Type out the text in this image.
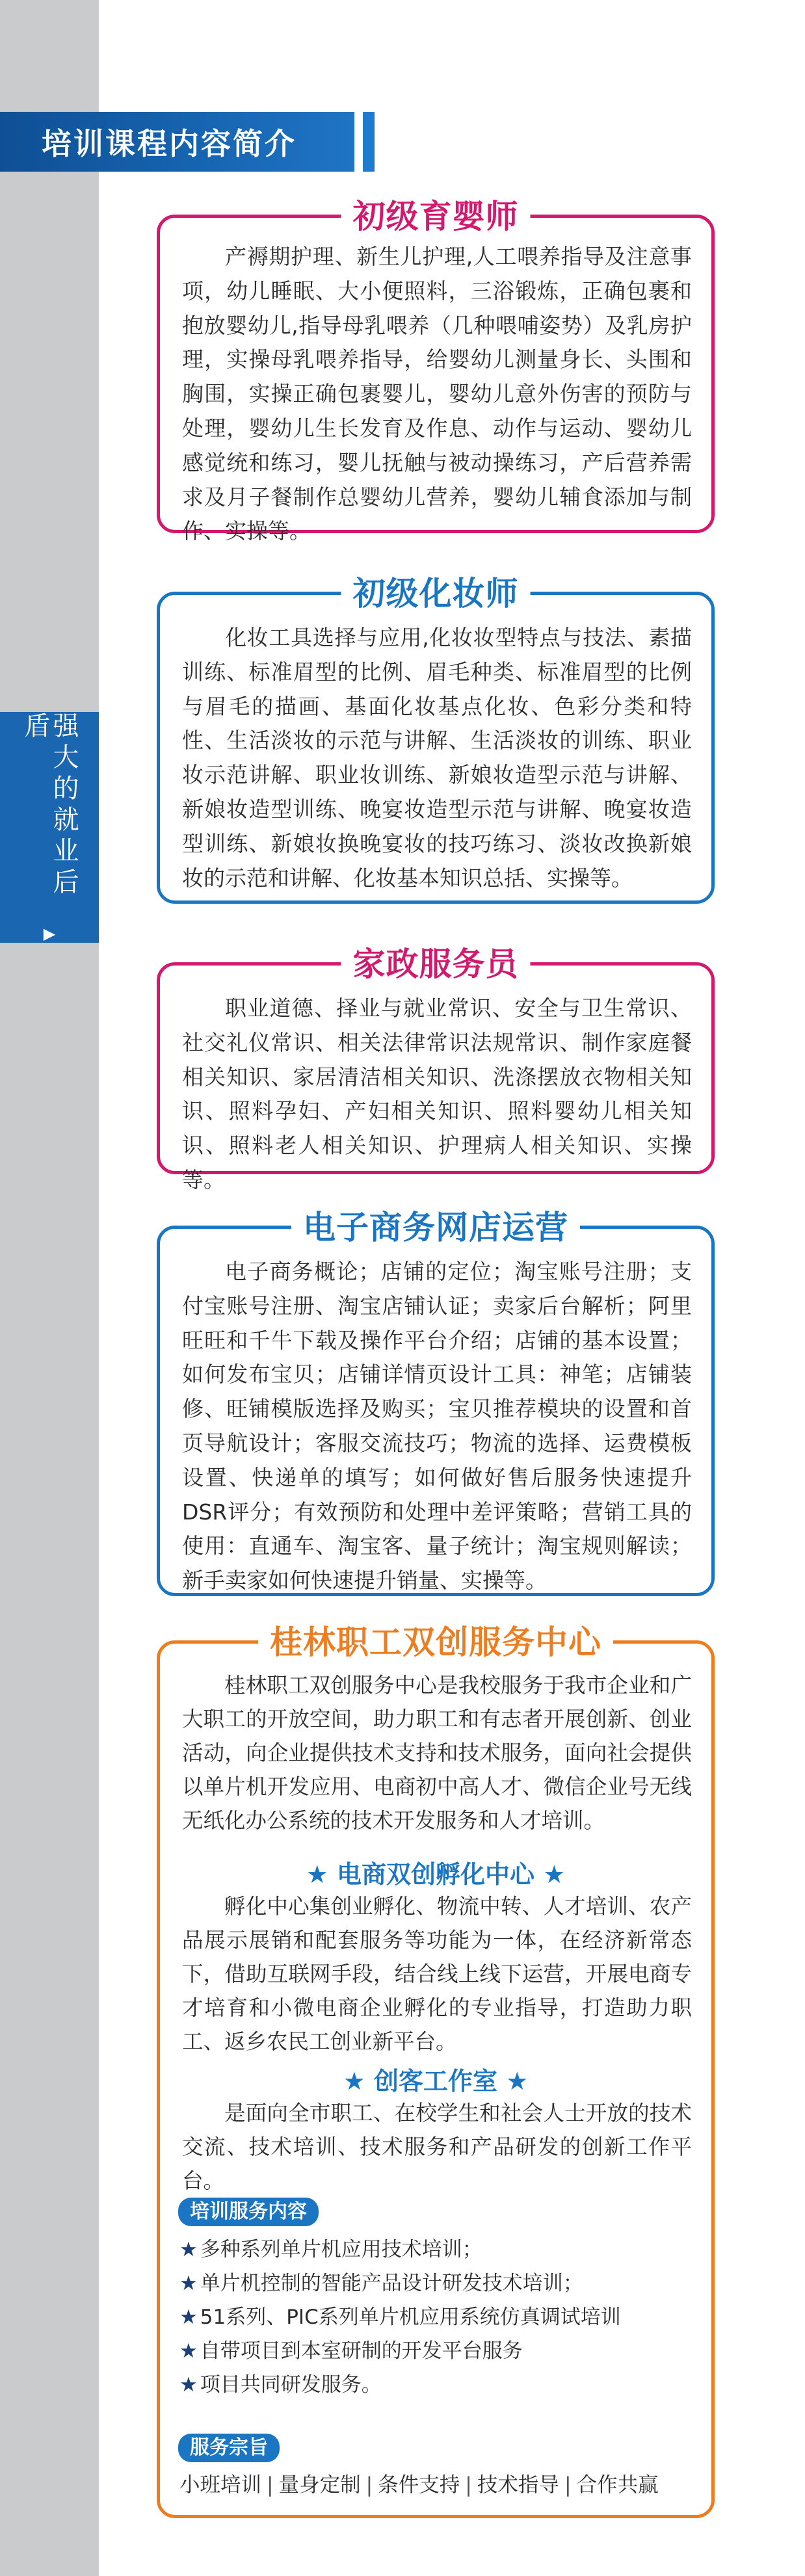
强大的就业后盾
▶
培训课程内容简介
初级育婴师

产褥期护理、新生儿护理,人工喂养指导及注意事项，幼儿睡眠、大小便照料，三浴锻炼，正确包裹和抱放婴幼儿,指导母乳喂养（几种喂哺姿势）及乳房护理，实操母乳喂养指导，给婴幼儿测量身长、头围和胸围，实操正确包裹婴儿，婴幼儿意外伤害的预防与处理，婴幼儿生长发育及作息、动作与运动、婴幼儿感觉统和练习，婴儿抚触与被动操练习，产后营养需求及月子餐制作总婴幼儿营养，婴幼儿辅食添加与制作、实操等。

初级化妆师

化妆工具选择与应用,化妆妆型特点与技法、素描训练、标准眉型的比例、眉毛种类、标准眉型的比例与眉毛的描画、基面化妆基点化妆、色彩分类和特性、生活淡妆的示范与讲解、生活淡妆的训练、职业妆示范讲解、职业妆训练、新娘妆造型示范与讲解、新娘妆造型训练、晚宴妆造型示范与讲解、晚宴妆造型训练、新娘妆换晚宴妆的技巧练习、淡妆改换新娘妆的示范和讲解、化妆基本知识总括、实操等。

家政服务员

职业道德、择业与就业常识、安全与卫生常识、社交礼仪常识、相关法律常识法规常识、制作家庭餐相关知识、家居清洁相关知识、洗涤摆放衣物相关知识、照料孕妇、产妇相关知识、照料婴幼儿相关知识、照料老人相关知识、护理病人相关知识、实操等。

电子商务网店运营

电子商务概论；店铺的定位；淘宝账号注册；支付宝账号注册、淘宝店铺认证；卖家后台解析；阿里旺旺和千牛下载及操作平台介绍；店铺的基本设置；如何发布宝贝；店铺详情页设计工具：神笔；店铺装修、旺铺模版选择及购买；宝贝推荐模块的设置和首页导航设计；客服交流技巧；物流的选择、运费模板设置、快递单的填写；如何做好售后服务快速提升DSR评分；有效预防和处理中差评策略；营销工具的使用：直通车、淘宝客、量子统计；淘宝规则解读；新手卖家如何快速提升销量、实操等。

桂林职工双创服务中心

桂林职工双创服务中心是我校服务于我市企业和广大职工的开放空间，助力职工和有志者开展创新、创业活动，向企业提供技术支持和技术服务，面向社会提供以单片机开发应用、电商初中高人才、微信企业号无线无纸化办公系统的技术开发服务和人才培训。

★ 电商双创孵化中心 ★

孵化中心集创业孵化、物流中转、人才培训、农产品展示展销和配套服务等功能为一体，在经济新常态下，借助互联网手段，结合线上线下运营，开展电商专才培育和小微电商企业孵化的专业指导，打造助力职工、返乡农民工创业新平台。

★ 创客工作室 ★

是面向全市职工、在校学生和社会人士开放的技术交流、技术培训、技术服务和产品研发的创新工作平台。

培训服务内容
★ 多种系列单片机应用技术培训；
★ 单片机控制的智能产品设计研发技术培训；
★ 51系列、PIC系列单片机应用系统仿真调试培训
★ 自带项目到本室研制的开发平台服务
★ 项目共同研发服务。
服务宗旨
小班培训 | 量身定制 | 条件支持 | 技术指导 | 合作共赢
